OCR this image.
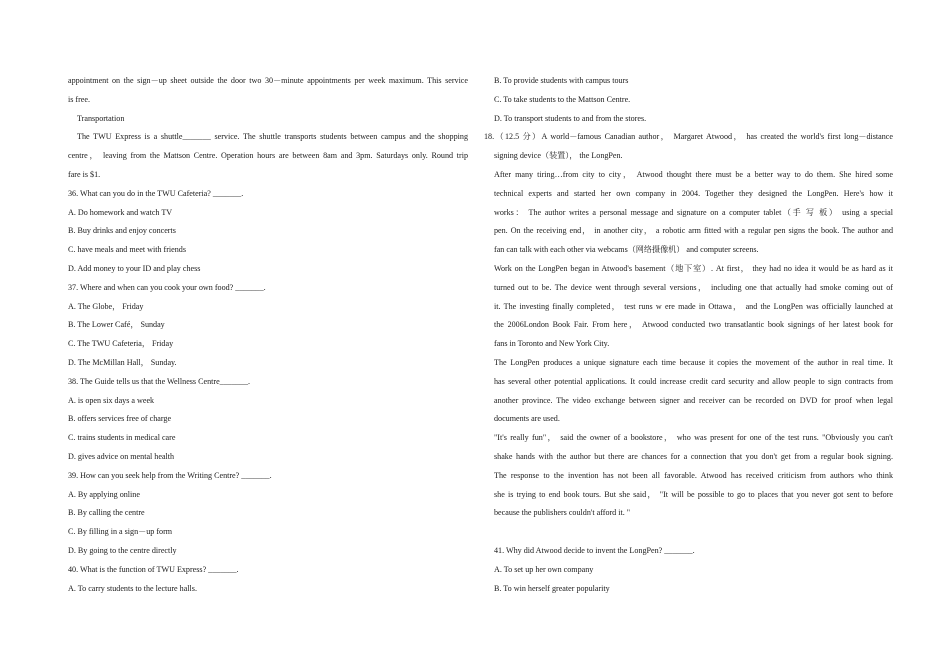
appointment on the sign－up sheet outside the door two 30－minute appointments per week maximum. This service
is free.
Transportation
The TWU Express is a shuttle_______ service. The shuttle transports students between campus and the shopping
centre， leaving from the Mattson Centre. Operation hours are between 8am and 3pm. Saturdays only. Round trip
fare is $1.
36. What can you do in the TWU Cafeteria? _______.
A. Do homework and watch TV
B. Buy drinks and enjoy concerts
C. have meals and meet with friends
D. Add money to your ID and play chess
37. Where and when can you cook your own food? _______.
A. The Globe， Friday
B. The Lower Café， Sunday
C. The TWU Cafeteria， Friday
D. The McMillan Hall， Sunday.
38. The Guide tells us that the Wellness Centre_______.
A. is open six days a week
B. offers services free of charge
C. trains students in medical care
D. gives advice on mental health
39. How can you seek help from the Writing Centre? _______.
A. By applying online
B. By calling the centre
C. By filling in a sign－up form
D. By going to the centre directly
40. What is the function of TWU Express? _______.
A. To carry students to the lecture halls.
B. To provide students with campus tours
C. To take students to the Mattson Centre.
D. To transport students to and from the stores.
18.（12.5 分）A world－famous Canadian author， Margaret Atwood， has created the world's first long－distance
signing device（装置）， the LongPen.
After many tiring…from city to city， Atwood thought there must be a better way to do them. She hired some
technical experts and started her own company in 2004. Together they designed the LongPen. Here's how it
works： The author writes a personal message and signature on a computer tablet（手 写 板） using a special
pen. On the receiving end， in another city， a robotic arm fitted with a regular pen signs the book. The author and
fan can talk with each other via webcams（网络摄像机） and computer screens.
Work on the LongPen began in Atwood's basement（地下室）. At first， they had no idea it would be as hard as it
turned out to be. The device went through several versions， including one that actually had smoke coming out of
it. The investing finally completed， test runs w ere made in Ottawa， and the LongPen was officially launched at
the 2006London Book Fair. From here， Atwood conducted two transatlantic book signings of her latest book for
fans in Toronto and New York City.
The LongPen produces a unique signature each time because it copies the movement of the author in real time. It
has several other potential applications. It could increase credit card security and allow people to sign contracts from
another province. The video exchange between signer and receiver can be recorded on DVD for proof when legal
documents are used.
"It's really fun"， said the owner of a bookstore， who was present for one of the test runs. "Obviously you can't
shake hands with the author but there are chances for a connection that you don't get from a regular book signing.
The response to the invention has not been all favorable. Atwood has received criticism from authors who think
she is trying to end book tours. But she said， "It will be possible to go to places that you never got sent to before
because the publishers couldn't afford it. "
41. Why did Atwood decide to invent the LongPen? _______.
A. To set up her own company
B. To win herself greater popularity
